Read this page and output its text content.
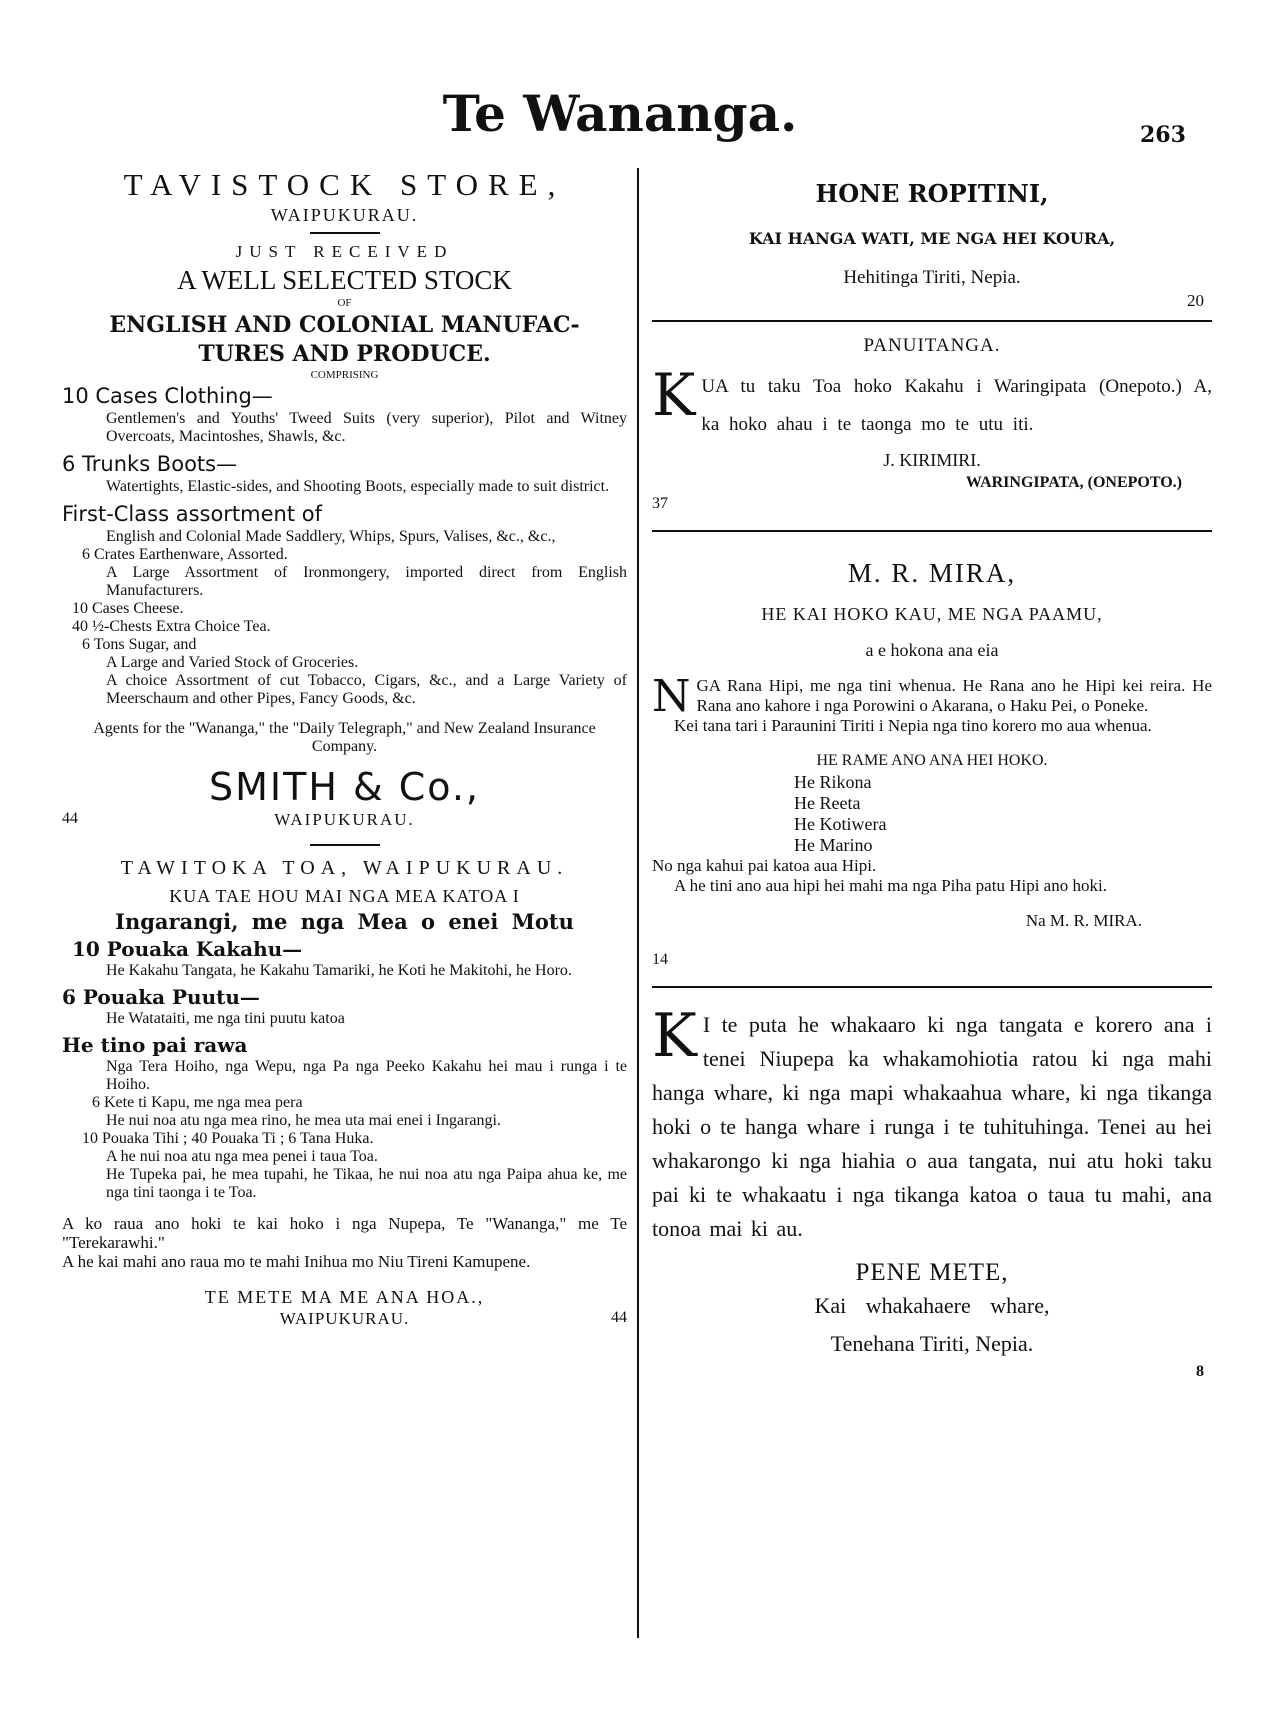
Te Wananga.	263
TAVISTOCK STORE,
WAIPUKURAU.
JUST RECEIVED
A WELL SELECTED STOCK
OF
ENGLISH AND COLONIAL MANUFAC-
TURES AND PRODUCE.
COMPRISING
10 Cases Clothing—

Gentlemen's and Youths' Tweed Suits (very superior), Pilot and Witney Overcoats, Macintoshes, Shawls, &c.

6 Trunks Boots—

Watertights, Elastic-sides, and Shooting Boots, especially made to suit district.

First-Class assortment of

English and Colonial Made Saddlery, Whips, Spurs, Valises, &c., &c.,

6 Crates Earthenware, Assorted.

A Large Assortment of Ironmongery, imported direct from English Manufacturers.

10 Cases Cheese.

40 ½-Chests Extra Choice Tea.

6 Tons Sugar, and

A Large and Varied Stock of Groceries.

A choice Assortment of cut Tobacco, Cigars, &c., and a Large Variety of Meerschaum and other Pipes, Fancy Goods, &c.

Agents for the "Wananga," the "Daily Telegraph," and New Zealand Insurance Company.

SMITH & Co.,
44	WAIPUKURAU.
TAWITOKA TOA, WAIPUKURAU.
KUA TAE HOU MAI NGA MEA KATOA I
Ingarangi, me nga Mea o enei Motu
10 Pouaka Kakahu—

He Kakahu Tangata, he Kakahu Tamariki, he Koti he Makitohi, he Horo.

6 Pouaka Puutu—

He Watataiti, me nga tini puutu katoa

He tino pai rawa

Nga Tera Hoiho, nga Wepu, nga Pa nga Peeko Kakahu hei mau i runga i te Hoiho.

6 Kete ti Kapu, me nga mea pera

He nui noa atu nga mea rino, he mea uta mai enei i Ingarangi.

10 Pouaka Tihi ; 40 Pouaka Ti ; 6 Tana Huka.

A he nui noa atu nga mea penei i taua Toa.

He Tupeka pai, he mea tupahi, he Tikaa, he nui noa atu nga Paipa ahua ke, me nga tini taonga i te Toa.

A ko raua ano hoki te kai hoko i nga Nupepa, Te "Wananga," me Te "Terekarawhi."

A he kai mahi ano raua mo te mahi Inihua mo Niu Tireni Kamupene.

TE METE MA ME ANA HOA.,
WAIPUKURAU.	44
HONE ROPITINI,
KAI HANGA WATI, ME NGA HEI KOURA,
Hehitinga Tiriti, Nepia.
20
PANUITANGA.

KUA tu taku Toa hoko Kakahu i Waringipata (Onepoto.) A, ka hoko ahau i te taonga mo te utu iti.

J. KIRIMIRI.
WARINGIPATA, (ONEPOTO.)
37
M. R. MIRA,
HE KAI HOKO KAU, ME NGA PAAMU,
a e hokona ana eia

NGA Rana Hipi, me nga tini whenua. He Rana ano he Hipi kei reira. He Rana ano kahore i nga Porowini o Akarana, o Haku Pei, o Poneke.

Kei tana tari i Paraunini Tiriti i Nepia nga tino korero mo aua whenua.

HE RAME ANO ANA HEI HOKO.
He Rikona
He Reeta
He Kotiwera
He Marino

No nga kahui pai katoa aua Hipi.

A he tini ano aua hipi hei mahi ma nga Piha patu Hipi ano hoki.

Na M. R. MIRA.
14

K I te puta he whakaaro ki nga tangata e korero ana i tenei Niupepa ka whakamohiotia ratou ki nga mahi hanga whare, ki nga mapi whakaahua whare, ki nga tikanga hoki o te hanga whare i runga i te tuhituhinga. Tenei au hei whakarongo ki nga hiahia o aua tangata, nui atu hoki taku pai ki te whakaatu i nga tikanga katoa o taua tu mahi, ana tonoa mai ki au.

PENE METE,
Kai whakahaere whare,
Tenehana Tiriti, Nepia.
8
